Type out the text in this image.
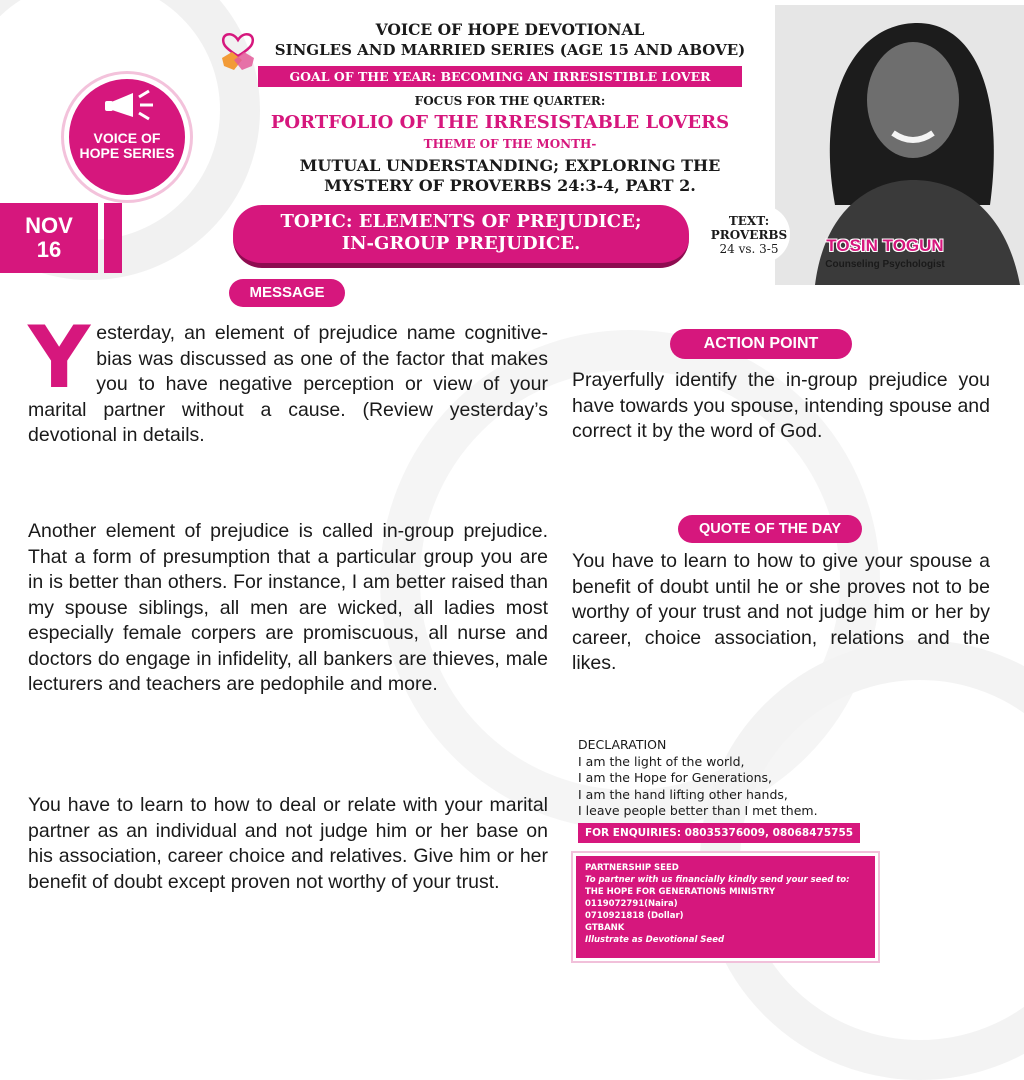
VOICE OF HOPE DEVOTIONAL
SINGLES AND MARRIED SERIES (AGE 15 AND ABOVE)
GOAL OF THE YEAR: BECOMING AN IRRESISTIBLE LOVER
FOCUS FOR THE QUARTER:
PORTFOLIO OF THE IRRESISTABLE LOVERS
THEME OF THE MONTH-
MUTUAL UNDERSTANDING; EXPLORING THE
MYSTERY OF PROVERBS 24:3-4, PART 2.
VOICE OF
HOPE SERIES
NOV
16	TOSIN TOGUN
Counseling Psychologist
TEXT:
PROVERBS
24 vs. 3-5
TOPIC: ELEMENTS OF PREJUDICE;
IN-GROUP PREJUDICE.
MESSAGE
Yesterday, an element of prejudice name cognitive-bias was discussed as one of the factor that makes you to have negative perception or view of your marital partner without a cause. (Review yesterday’s devotional in details.
Another element of prejudice is called in-group prejudice. That a form of presumption that a particular group you are in is better than others. For instance, I am better raised than my spouse siblings, all men are wicked, all ladies most especially female corpers are promiscuous, all nurse and doctors do engage in infidelity, all bankers are thieves, male lecturers and teachers are pedophile and more.
You have to learn to how to deal or relate with your marital partner as an individual and not judge him or her base on his association, career choice and relatives. Give him or her benefit of doubt except proven not worthy of your trust.
ACTION POINT
Prayerfully identify the in-group prejudice you have towards you spouse, intending spouse and correct it by the word of God.
QUOTE OF THE DAY
You have to learn to how to give your spouse a benefit of doubt until he or she proves not to be worthy of your trust and not judge him or her by career, choice association, relations and the likes.
DECLARATION
I am the light of the world,
I am the Hope for Generations,
I am the hand lifting other hands,
I leave people better than I met them.
FOR ENQUIRIES: 08035376009, 08068475755
PARTNERSHIP SEED
To partner with us financially kindly send your seed to:
THE HOPE FOR GENERATIONS MINISTRY
0119072791(Naira)
0710921818 (Dollar)
GTBANK
Illustrate as Devotional Seed
